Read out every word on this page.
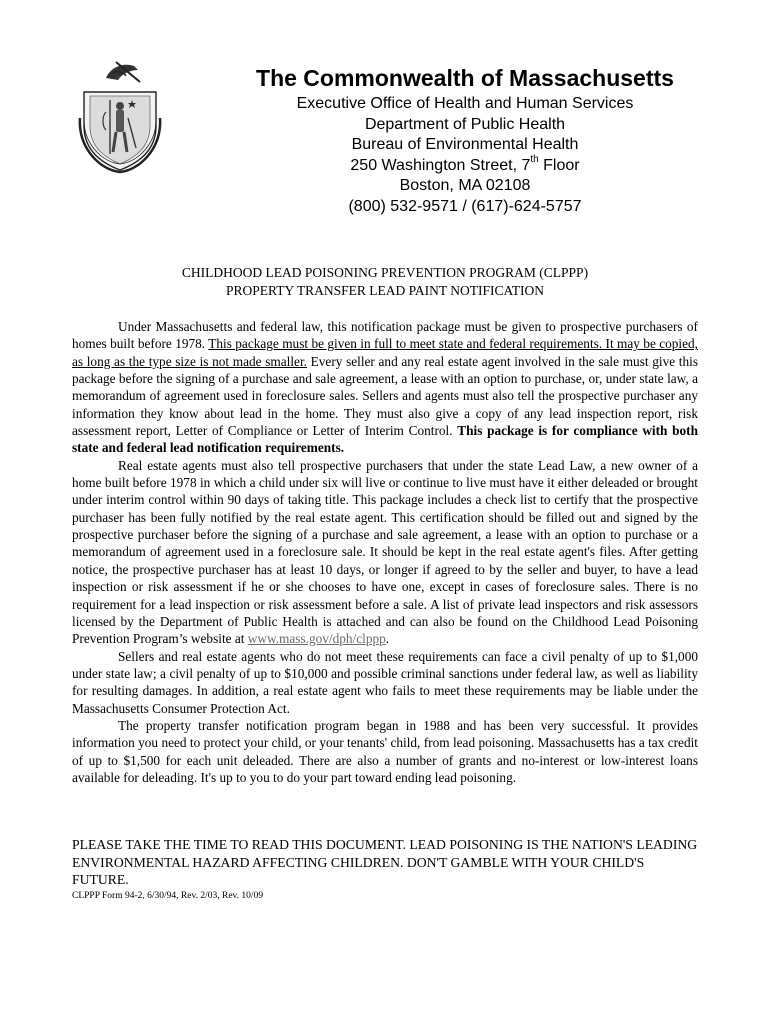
The Commonwealth of Massachusetts
Executive Office of Health and Human Services
Department of Public Health
Bureau of Environmental Health
250 Washington Street, 7th Floor
Boston, MA 02108
(800) 532-9571 / (617)-624-5757
CHILDHOOD LEAD POISONING PREVENTION PROGRAM (CLPPP)
PROPERTY TRANSFER LEAD PAINT NOTIFICATION

Under Massachusetts and federal law, this notification package must be given to prospective purchasers of homes built before 1978. This package must be given in full to meet state and federal requirements. It may be copied, as long as the type size is not made smaller. Every seller and any real estate agent involved in the sale must give this package before the signing of a purchase and sale agreement, a lease with an option to purchase, or, under state law, a memorandum of agreement used in foreclosure sales. Sellers and agents must also tell the prospective purchaser any information they know about lead in the home. They must also give a copy of any lead inspection report, risk assessment report, Letter of Compliance or Letter of Interim Control. This package is for compliance with both state and federal lead notification requirements.

Real estate agents must also tell prospective purchasers that under the state Lead Law, a new owner of a home built before 1978 in which a child under six will live or continue to live must have it either deleaded or brought under interim control within 90 days of taking title. This package includes a check list to certify that the prospective purchaser has been fully notified by the real estate agent. This certification should be filled out and signed by the prospective purchaser before the signing of a purchase and sale agreement, a lease with an option to purchase or a memorandum of agreement used in a foreclosure sale. It should be kept in the real estate agent's files. After getting notice, the prospective purchaser has at least 10 days, or longer if agreed to by the seller and buyer, to have a lead inspection or risk assessment if he or she chooses to have one, except in cases of foreclosure sales. There is no requirement for a lead inspection or risk assessment before a sale. A list of private lead inspectors and risk assessors licensed by the Department of Public Health is attached and can also be found on the Childhood Lead Poisoning Prevention Program’s website at www.mass.gov/dph/clppp.

Sellers and real estate agents who do not meet these requirements can face a civil penalty of up to $1,000 under state law; a civil penalty of up to $10,000 and possible criminal sanctions under federal law, as well as liability for resulting damages. In addition, a real estate agent who fails to meet these requirements may be liable under the Massachusetts Consumer Protection Act.

The property transfer notification program began in 1988 and has been very successful. It provides information you need to protect your child, or your tenants' child, from lead poisoning. Massachusetts has a tax credit of up to $1,500 for each unit deleaded. There are also a number of grants and no-interest or low-interest loans available for deleading. It's up to you to do your part toward ending lead poisoning.

PLEASE TAKE THE TIME TO READ THIS DOCUMENT. LEAD POISONING IS THE NATION'S LEADING ENVIRONMENTAL HAZARD AFFECTING CHILDREN. DON'T GAMBLE WITH YOUR CHILD'S FUTURE.
CLPPP Form 94-2, 6/30/94, Rev. 2/03, Rev. 10/09
